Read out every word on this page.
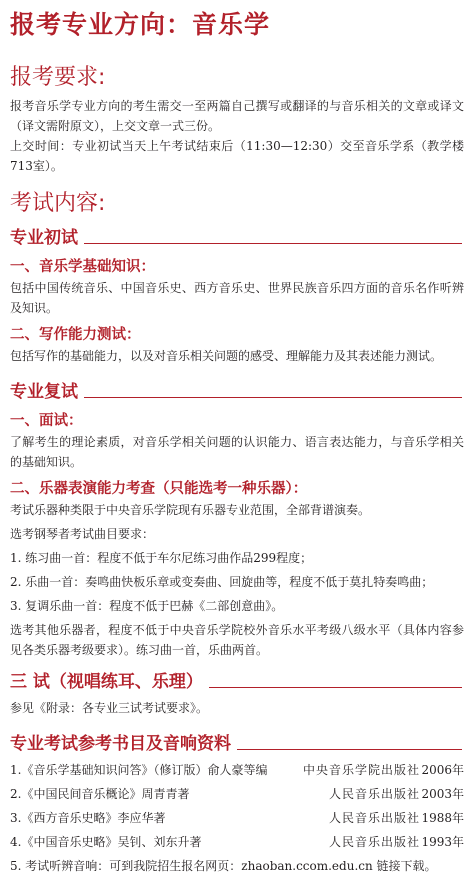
报考专业方向：音乐学
报考要求:

报考音乐学专业方向的考生需交一至两篇自己撰写或翻译的与音乐相关的文章或译文（译文需附原文），上交文章一式三份。

上交时间：专业初试当天上午考试结束后（11:30—12:30）交至音乐学系（教学楼713室）。

考试内容:
专业初试
一、音乐学基础知识：

包括中国传统音乐、中国音乐史、西方音乐史、世界民族音乐四方面的音乐名作听辨及知识。

二、写作能力测试：

包括写作的基础能力，以及对音乐相关问题的感受、理解能力及其表述能力测试。

专业复试
一、面试：

了解考生的理论素质，对音乐学相关问题的认识能力、语言表达能力，与音乐学相关的基础知识。

二、乐器表演能力考查（只能选考一种乐器）：

考试乐器种类限于中央音乐学院现有乐器专业范围，全部背谱演奏。

选考钢琴者考试曲目要求：

1. 练习曲一首：程度不低于车尔尼练习曲作品299程度；

2. 乐曲一首：奏鸣曲快板乐章或变奏曲、回旋曲等，程度不低于莫扎特奏鸣曲；

3. 复调乐曲一首：程度不低于巴赫《二部创意曲》。

选考其他乐器者，程度不低于中央音乐学院校外音乐水平考级八级水平（具体内容参见各类乐器考级要求）。练习曲一首，乐曲两首。

三 试（视唱练耳、乐理）

参见《附录：各专业三试考试要求》。

专业考试参考书目及音响资料
1.《音乐学基础知识问答》（修订版）俞人豪等编	中央音乐学院出版社 2006年
2.《中国民间音乐概论》周青青著	人民音乐出版社 2003年
3.《西方音乐史略》李应华著	人民音乐出版社 1988年
4.《中国音乐史略》吴钊、刘东升著	人民音乐出版社 1993年
5. 考试听辨音响：可到我院招生报名网页：zhaoban.ccom.edu.cn 链接下载。
